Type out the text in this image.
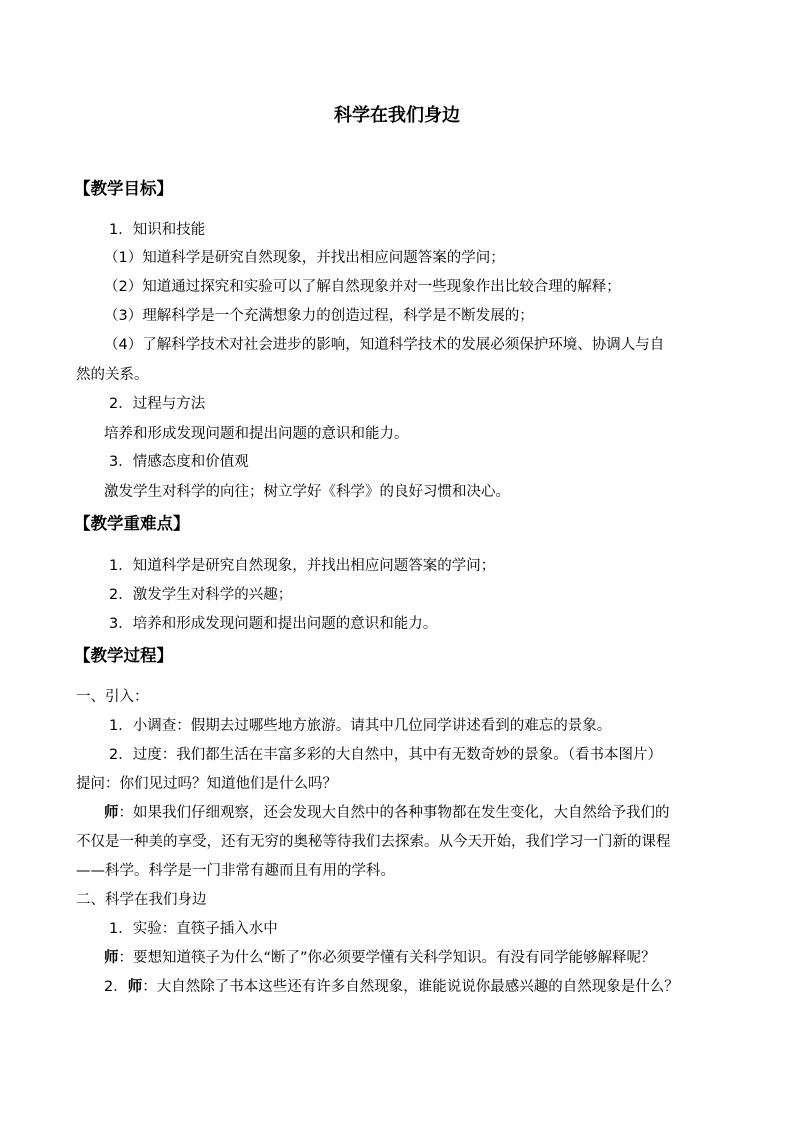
科学在我们身边
【教学目标】
1．知识和技能
（1）知道科学是研究自然现象，并找出相应问题答案的学问；
（2）知道通过探究和实验可以了解自然现象并对一些现象作出比较合理的解释；
（3）理解科学是一个充满想象力的创造过程，科学是不断发展的；
（4）了解科学技术对社会进步的影响，知道科学技术的发展必须保护环境、协调人与自
然的关系。
2．过程与方法
培养和形成发现问题和提出问题的意识和能力。
3．情感态度和价值观
激发学生对科学的向往；树立学好《科学》的良好习惯和决心。
【教学重难点】
1．知道科学是研究自然现象，并找出相应问题答案的学问；
2．激发学生对科学的兴趣；
3．培养和形成发现问题和提出问题的意识和能力。
【教学过程】
一、引入：
1．小调查：假期去过哪些地方旅游。请其中几位同学讲述看到的难忘的景象。
2．过度：我们都生活在丰富多彩的大自然中，其中有无数奇妙的景象。（看书本图片）
提问：你们见过吗？知道他们是什么吗？
师：如果我们仔细观察，还会发现大自然中的各种事物都在发生变化，大自然给予我们的
不仅是一种美的享受，还有无穷的奥秘等待我们去探索。从今天开始，我们学习一门新的课程
——科学。科学是一门非常有趣而且有用的学科。
二、科学在我们身边
1．实验：直筷子插入水中
师：要想知道筷子为什么“断了”你必须要学懂有关科学知识。有没有同学能够解释呢？
2．师：大自然除了书本这些还有许多自然现象，谁能说说你最感兴趣的自然现象是什么？
